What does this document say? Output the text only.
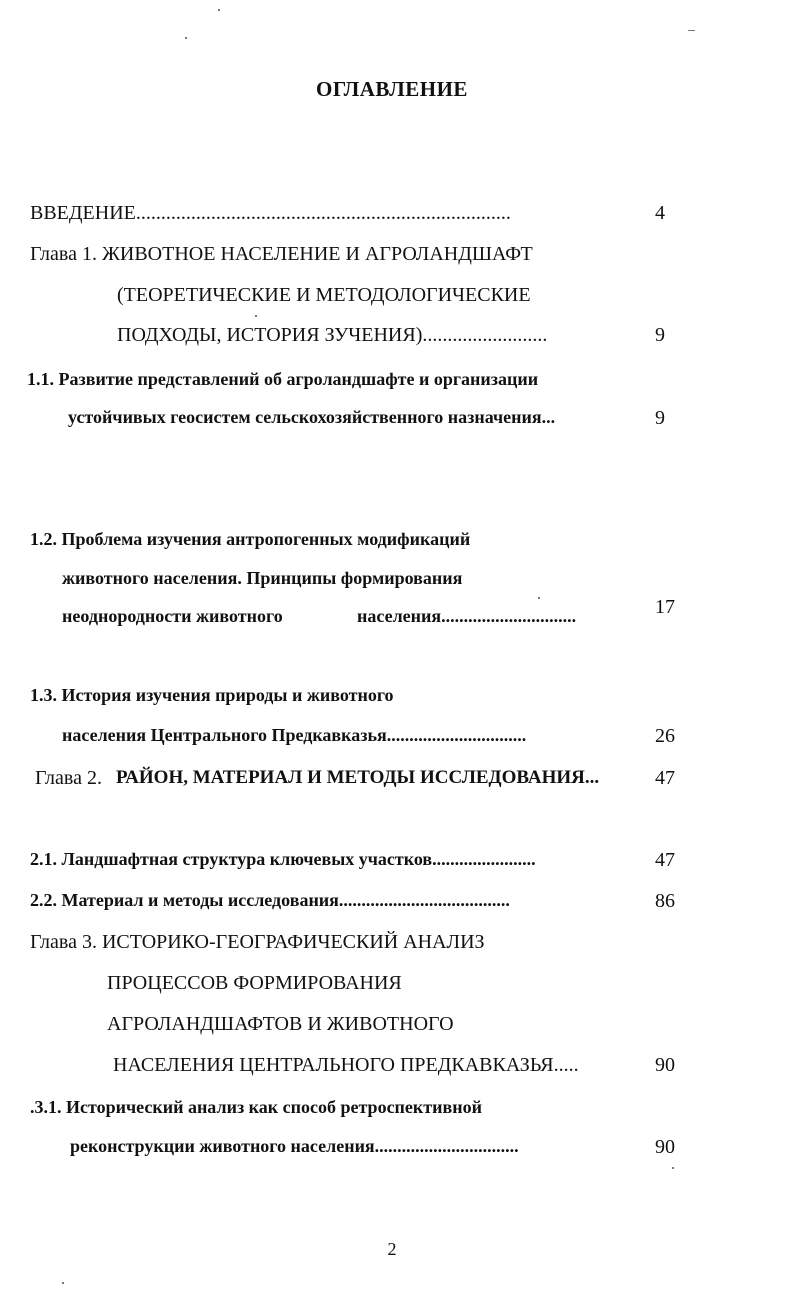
ОГЛАВЛЕНИЕ
ВВЕДЕНИЕ...........................................................................	4
Глава 1. ЖИВОТНОЕ НАСЕЛЕНИЕ И АГРОЛАНДШАФТ
(ТЕОРЕТИЧЕСКИЕ И МЕТОДОЛОГИЧЕСКИЕ
ПОДХОДЫ, ИСТОРИЯ ЗУЧЕНИЯ).........................	9
1.1. Развитие представлений об агроландшафте и организации
устойчивых геосистем сельскохозяйственного назначения...	9
1.2. Проблема изучения антропогенных модификаций
животного населения. Принципы формирования
неоднородности животного	населения..............................	17
1.3. История изучения природы и животного
населения Центрального Предкавказья...............................	26
Глава 2. РАЙОН, МАТЕРИАЛ И МЕТОДЫ ИССЛЕДОВАНИЯ...	47
2.1. Ландшафтная структура ключевых участков.......................	47
2.2. Материал и методы исследования......................................	86
Глава 3. ИСТОРИКО-ГЕОГРАФИЧЕСКИЙ АНАЛИЗ
ПРОЦЕССОВ ФОРМИРОВАНИЯ
АГРОЛАНДШАФТОВ И ЖИВОТНОГО
НАСЕЛЕНИЯ ЦЕНТРАЛЬНОГО ПРЕДКАВКАЗЬЯ.....	90
.3.1. Исторический анализ как способ ретроспективной
реконструкции животного населения................................	90
2
